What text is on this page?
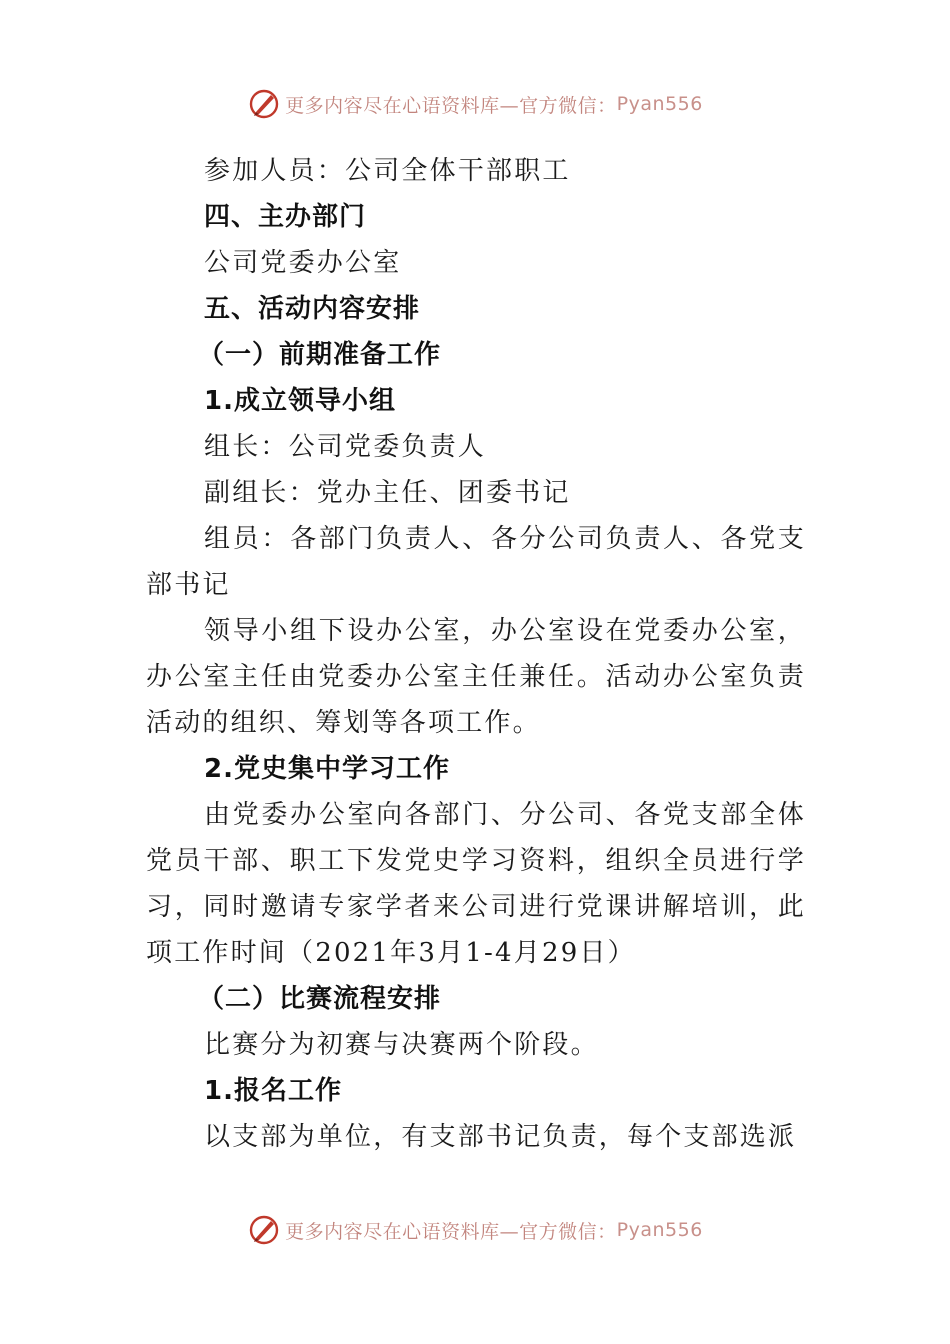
更多内容尽在心语资料库—官方微信： Pyan556

参加人员：公司全体干部职工

四、主办部门

公司党委办公室

五、活动内容安排

（一）前期准备工作

1.成立领导小组

组长：公司党委负责人

副组长：党办主任、团委书记

组员：各部门负责人、各分公司负责人、各党支部书记

领导小组下设办公室，办公室设在党委办公室，办公室主任由党委办公室主任兼任。活动办公室负责活动的组织、筹划等各项工作。

2.党史集中学习工作

由党委办公室向各部门、分公司、各党支部全体党员干部、职工下发党史学习资料，组织全员进行学习，同时邀请专家学者来公司进行党课讲解培训，此项工作时间（2021年3月1-4月29日）

（二）比赛流程安排

比赛分为初赛与决赛两个阶段。

1.报名工作

以支部为单位，有支部书记负责，每个支部选派

更多内容尽在心语资料库—官方微信： Pyan556
